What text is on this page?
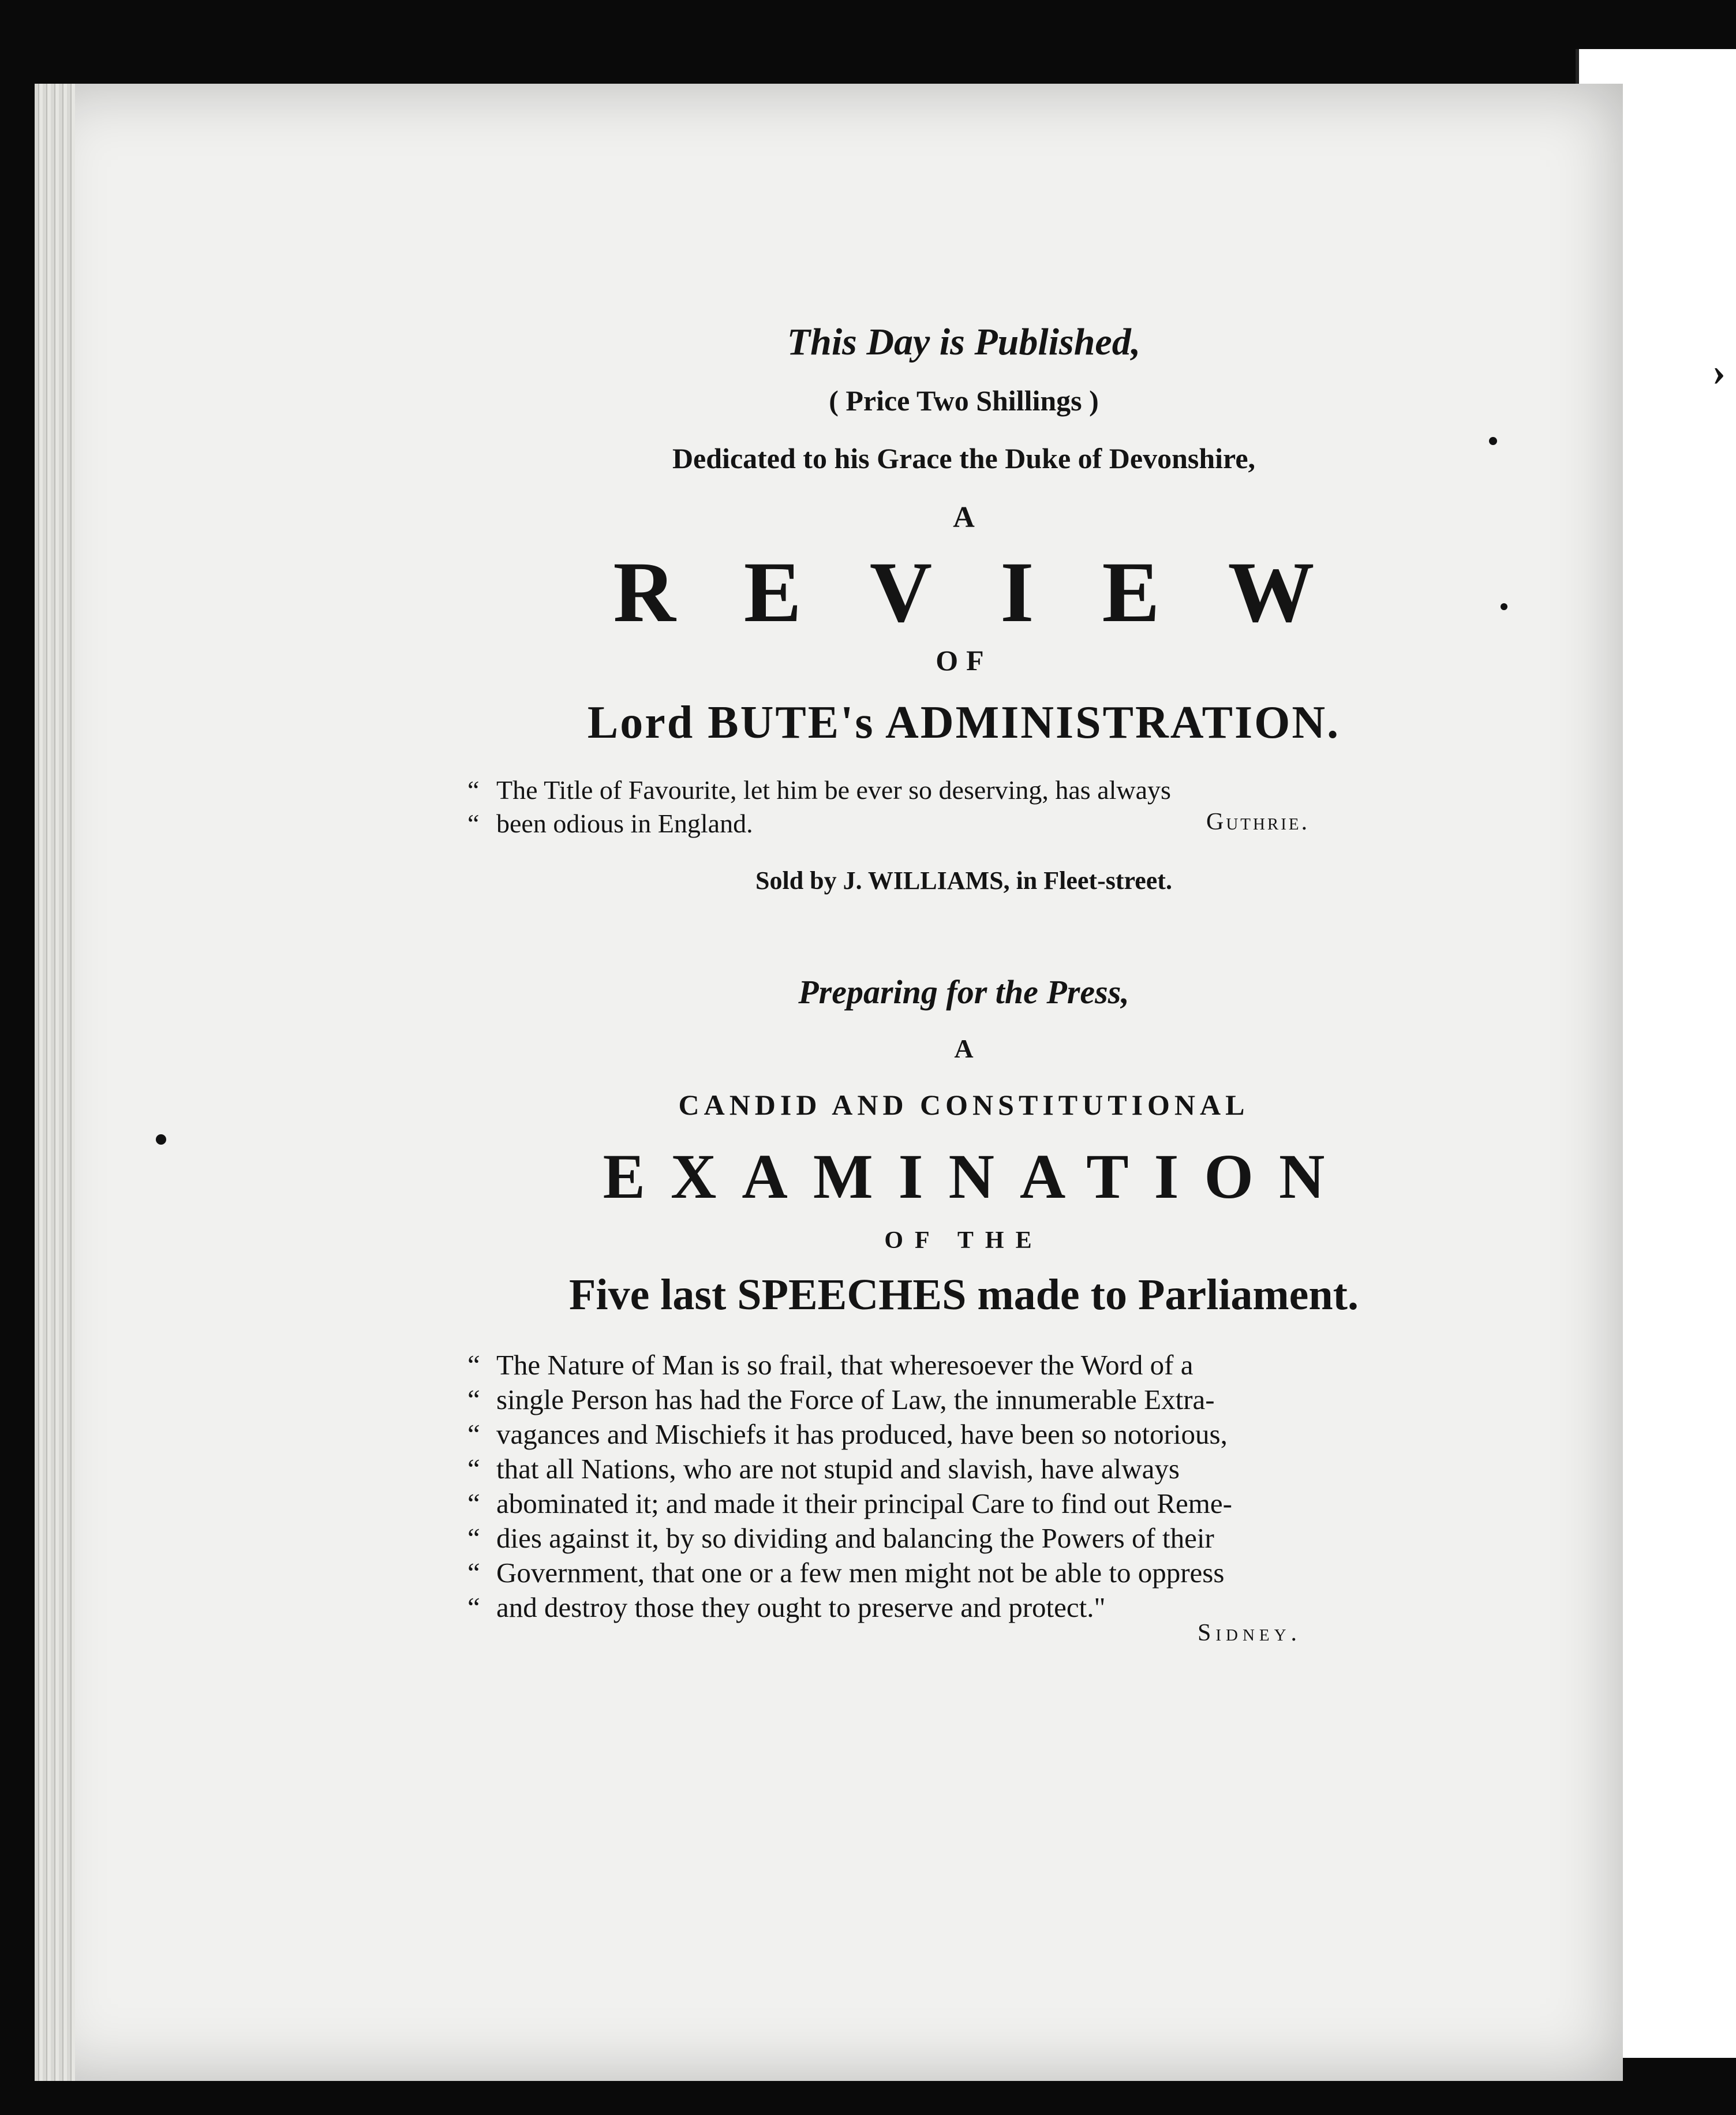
›
This Day is Published,
( Price Two Shillings )
Dedicated to his Grace the Duke of Devonshire,
A
REVIEW
OF
Lord BUTE's ADMINISTRATION.
“ The Title of Favourite, let him be ever so deserving, has always
“ been odious in England.	Guthrie.
Sold by J. WILLIAMS, in Fleet-street.
Preparing for the Press,
A
CANDID AND CONSTITUTIONAL
EXAMINATION
OF THE
Five last SPEECHES made to Parliament.
“ The Nature of Man is so frail, that wheresoever the Word of a
“ single Person has had the Force of Law, the innumerable Extra-
“ vagances and Mischiefs it has produced, have been so notorious,
“ that all Nations, who are not stupid and slavish, have always
“ abominated it; and made it their principal Care to find out Reme-
“ dies against it, by so dividing and balancing the Powers of their
“ Government, that one or a few men might not be able to oppress
“ and destroy those they ought to preserve and protect."
Sidney.
